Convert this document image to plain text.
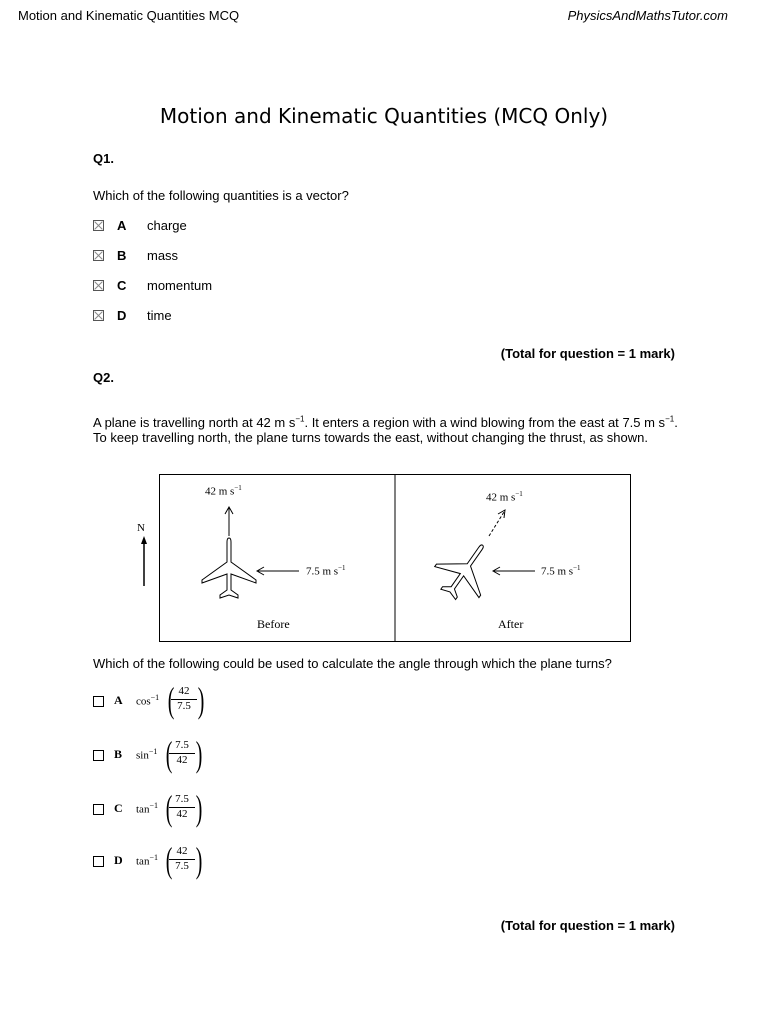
Motion and Kinematic Quantities MCQ	PhysicsAndMathsTutor.com
Motion and Kinematic Quantities (MCQ Only)
Q1.
Which of the following quantities is a vector?
A charge
B mass
C momentum
D time
(Total for question = 1 mark)
Q2.
A plane is travelling north at 42 m $s^{-1}$. It enters a region with a wind blowing from the east at 7.5 m $s^{-1}$. To keep travelling north, the plane turns towards the east, without changing the thrust, as shown.
N
42 m $s^{-1}$
7.5 m $s^{-1}$
Before
42 m $s^{-1}$
7.5 m $s^{-1}$
After
Which of the following could be used to calculate the angle through which the plane turns?
A $\cos^{-1}$ (
$\frac{42}{7.5}$ )
B $\sin^{-1}$ (
$\frac{7.5}{42}$ )
C $\tan^{-1}$ (
$\frac{7.5}{42}$ )
D $\tan^{-1}$ (
$\frac{42}{7.5}$ )
(Total for question = 1 mark)
